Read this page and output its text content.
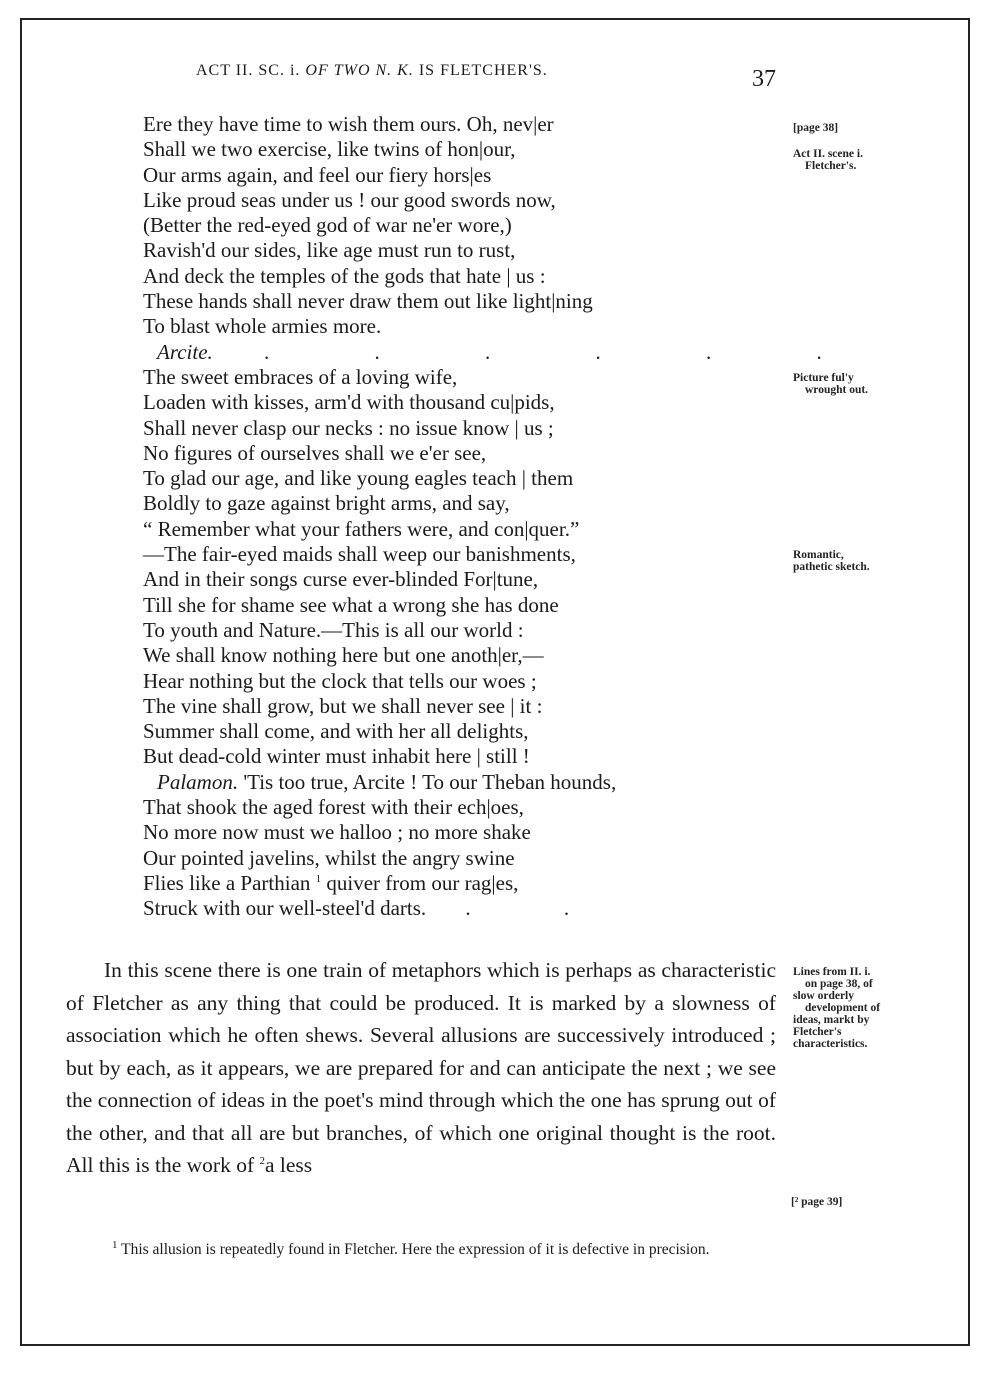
ACT II. SC. i. OF TWO N. K. IS FLETCHER'S.	37
Ere they have time to wish them ours. Oh, nev|er
Shall we two exercise, like twins of hon|our,
Our arms again, and feel our fiery hors|es
Like proud seas under us ! our good swords now,
(Better the red-eyed god of war ne'er wore,)
Ravish'd our sides, like age must run to rust,
And deck the temples of the gods that hate | us :
These hands shall never draw them out like light|ning
To blast whole armies more.
Arcite. . . . . . .
The sweet embraces of a loving wife,
Loaden with kisses, arm'd with thousand cu|pids,
Shall never clasp our necks : no issue know | us ;
No figures of ourselves shall we e'er see,
To glad our age, and like young eagles teach | them
Boldly to gaze against bright arms, and say,
“ Remember what your fathers were, and con|quer.”
—The fair-eyed maids shall weep our banishments,
And in their songs curse ever-blinded For|tune,
Till she for shame see what a wrong she has done
To youth and Nature.—This is all our world :
We shall know nothing here but one anoth|er,—
Hear nothing but the clock that tells our woes ;
The vine shall grow, but we shall never see | it :
Summer shall come, and with her all delights,
But dead-cold winter must inhabit here | still !
Palamon. 'Tis too true, Arcite ! To our Theban hounds,
That shook the aged forest with their ech|oes,
No more now must we halloo ; no more shake
Our pointed javelins, whilst the angry swine
Flies like a Parthian $^1$ quiver from our rag|es,
Struck with our well-steel'd darts. . .
[page 38]
Act II. scene i.
Fletcher's.
Picture ful'y
wrought out.
Romantic,
pathetic sketch.
Lines from II. i.
on page 38, of
slow orderly
development of
ideas, markt by
Fletcher's
characteristics.
[² page 39]

In this scene there is one train of metaphors which is perhaps as characteristic of Fletcher as any thing that could be produced. It is marked by a slowness of association which he often shews. Several allusions are successively introduced ; but by each, as it appears, we are prepared for and can anticipate the next ; we see the connection of ideas in the poet's mind through which the one has sprung out of the other, and that all are but branches, of which one original thought is the root. All this is the work of $^2$a less

$^1$ This allusion is repeatedly found in Fletcher. Here the expression of it is defective in precision.
